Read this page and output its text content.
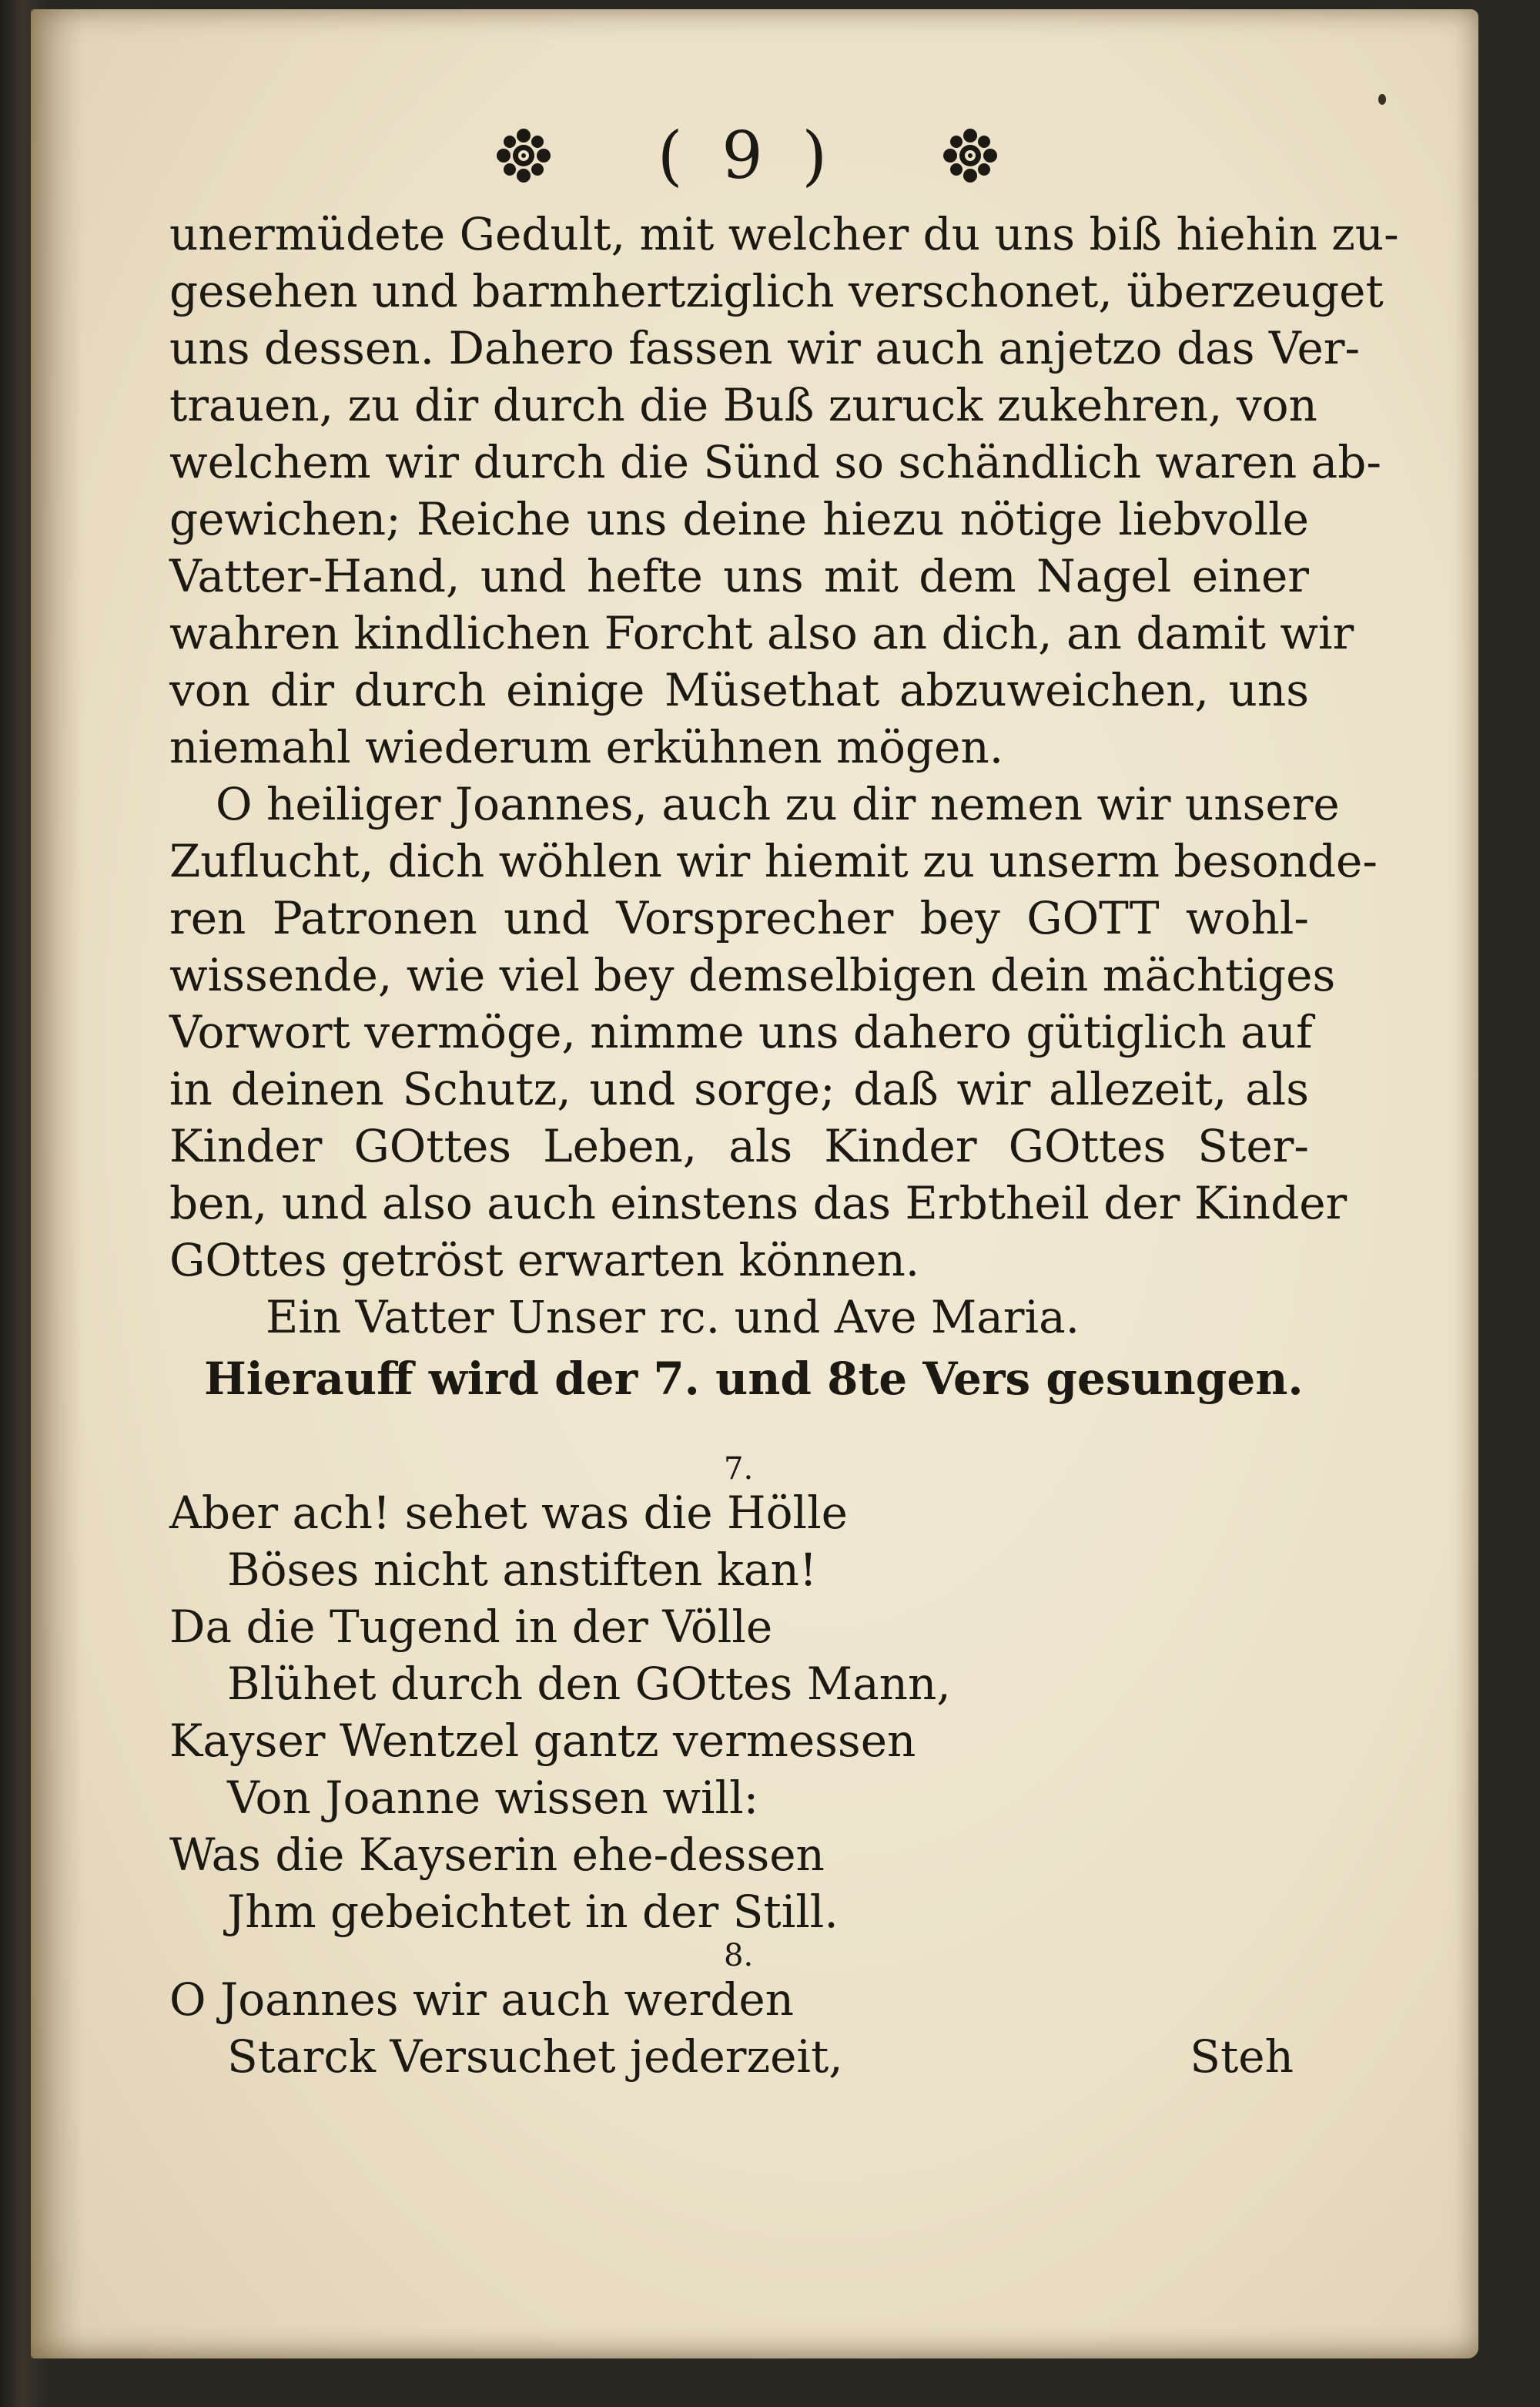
( 9 )
unermüdete Gedult, mit welcher du uns biß hiehin zu-
gesehen und barmhertziglich verschonet, überzeuget
uns dessen. Dahero fassen wir auch anjetzo das Ver-
trauen, zu dir durch die Buß zuruck zukehren, von
welchem wir durch die Sünd so schändlich waren ab-
gewichen; Reiche uns deine hiezu nötige liebvolle
Vatter-Hand, und hefte uns mit dem Nagel einer
wahren kindlichen Forcht also an dich, an damit wir
von dir durch einige Müsethat abzuweichen, uns
niemahl wiederum erkühnen mögen.
O heiliger Joannes, auch zu dir nemen wir unsere
Zuflucht, dich wöhlen wir hiemit zu unserm besonde-
ren Patronen und Vorsprecher bey GOTT wohl-
wissende, wie viel bey demselbigen dein mächtiges
Vorwort vermöge, nimme uns dahero gütiglich auf
in deinen Schutz, und sorge; daß wir allezeit, als
Kinder GOttes Leben, als Kinder GOttes Ster-
ben, und also auch einstens das Erbtheil der Kinder
GOttes getröst erwarten können.
Ein Vatter Unser rc. und Ave Maria.
Hierauff wird der 7. und 8te Vers gesungen.
7.
Aber ach! sehet was die Hölle
Böses nicht anstiften kan!
Da die Tugend in der Völle
Blühet durch den GOttes Mann,
Kayser Wentzel gantz vermessen
Von Joanne wissen will:
Was die Kayserin ehe-dessen
Jhm gebeichtet in der Still.
8.
O Joannes wir auch werden
Starck Versuchet jederzeit,	Steh
